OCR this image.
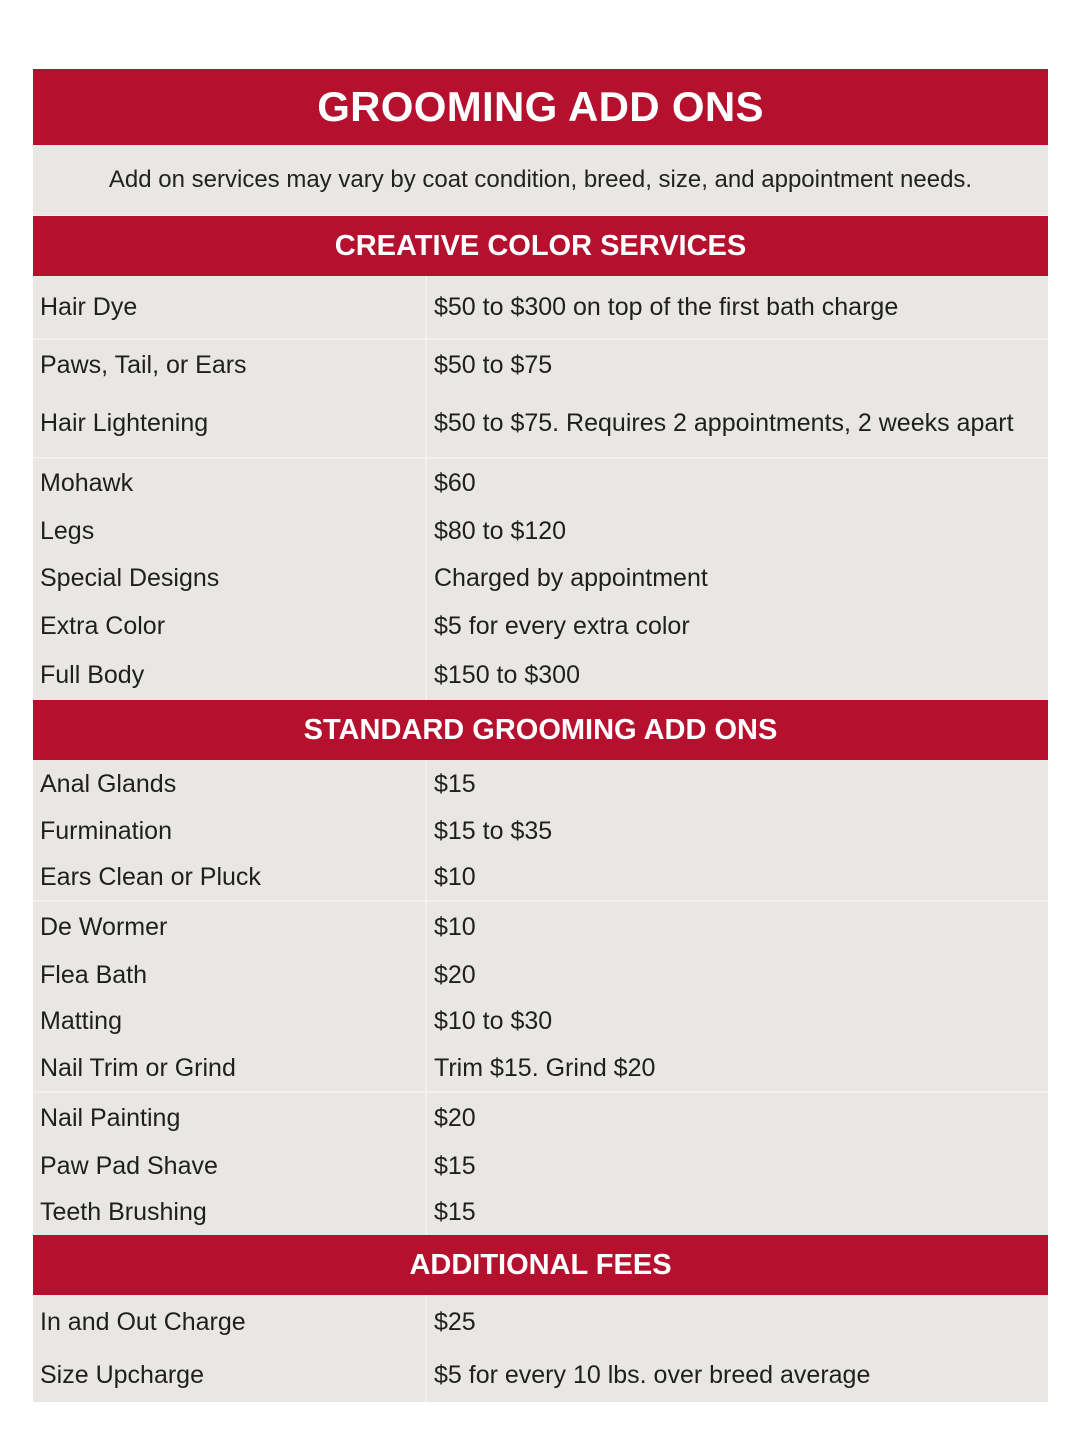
GROOMING ADD ONS
Add on services may vary by coat condition, breed, size, and appointment needs.
CREATIVE COLOR SERVICES
Hair Dye	$50 to $300 on top of the first bath charge
Paws, Tail, or Ears	$50 to $75
Hair Lightening	$50 to $75. Requires 2 appointments, 2 weeks apart
Mohawk	$60
Legs	$80 to $120
Special Designs	Charged by appointment
Extra Color	$5 for every extra color
Full Body	$150 to $300
STANDARD GROOMING ADD ONS
Anal Glands	$15
Furmination	$15 to $35
Ears Clean or Pluck	$10
De Wormer	$10
Flea Bath	$20
Matting	$10 to $30
Nail Trim or Grind	Trim $15. Grind $20
Nail Painting	$20
Paw Pad Shave	$15
Teeth Brushing	$15
ADDITIONAL FEES
In and Out Charge	$25
Size Upcharge	$5 for every 10 lbs. over breed average
